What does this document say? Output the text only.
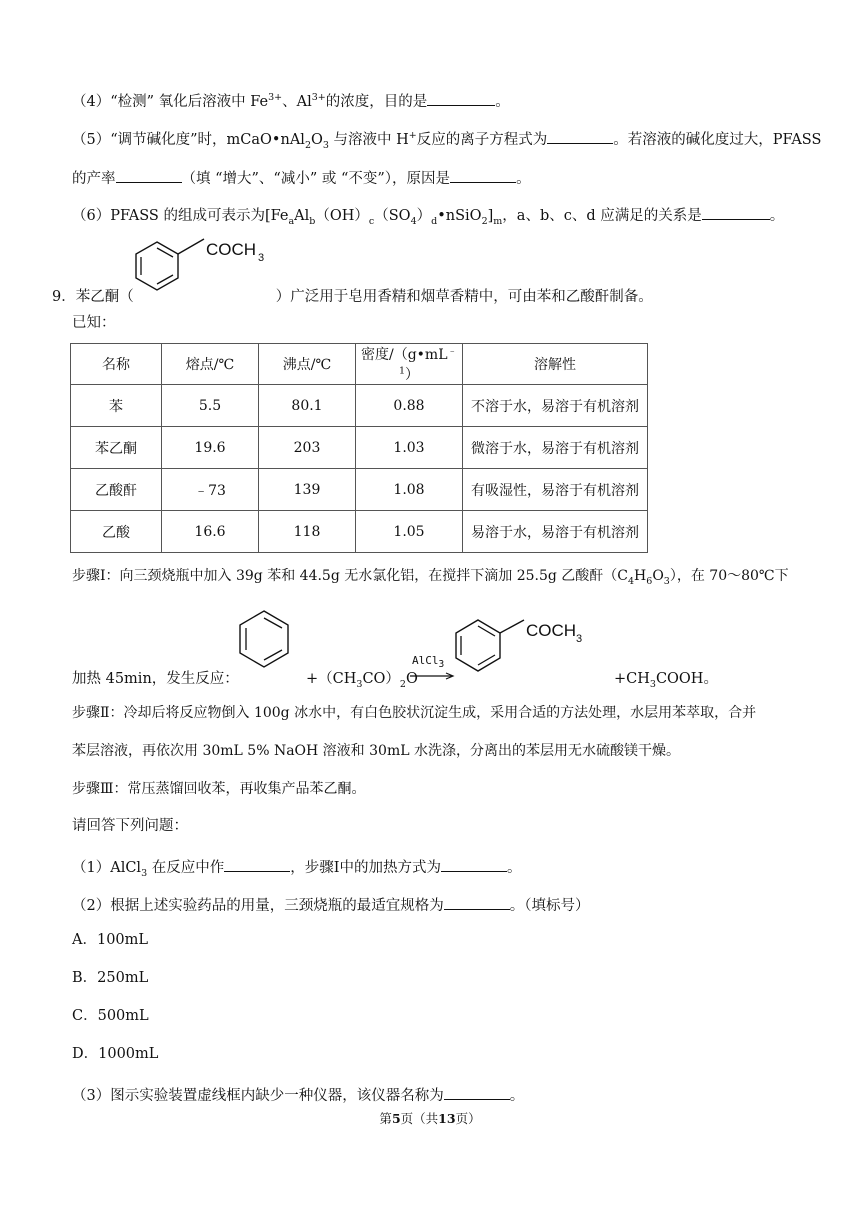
（4）“检测” 氧化后溶液中 $Fe^{3+}$、$Al^{3+}$的浓度，目的是	。
（5）“调节碱化度”时，$mCaO•nAl_2O_3$ 与溶液中 H+反应的离子方程式为	。若溶液的碱化度过大，PFASS
的产率	（填 “增大”、“减小” 或 “不变”），原因是	。
（6）PFASS 的组成可表示为$[Fe_aAl_b(OH)_c(SO_4)_d•nSiO_2]_m$，a、b、c、d 应满足的关系是	。
COCH 3
9．苯乙酮（	）广泛用于皂用香精和烟草香精中，可由苯和乙酸酐制备。
已知：
名称	熔点/℃	沸点/℃	密度$/(g•mL^{﹣1})$	溶解性
苯	5.5	80.1	0.88	不溶于水，易溶于有机溶剂
苯乙酮	19.6	203	1.03	微溶于水，易溶于有机溶剂
乙酸酐	﹣73	139	1.08	有吸湿性，易溶于有机溶剂
乙酸	16.6	118	1.05	易溶于水，易溶于有机溶剂
步骤Ⅰ：向三颈烧瓶中加入 39g 苯和 44.5g 无水氯化铝，在搅拌下滴加 25.5g 乙酸酐$(C_4H_6O_3)$，在 70～80℃下
COCH 3
加热 45min，发生反应：	$+(CH_3CO)_2O$
AlCl$_3$
$+CH_3COOH$。
步骤Ⅱ：冷却后将反应物倒入 100g 冰水中，有白色胶状沉淀生成，采用合适的方法处理，水层用苯萃取，合并
苯层溶液，再依次用 30mL 5% NaOH 溶液和 30mL 水洗涤，分离出的苯层用无水硫酸镁干燥。
步骤Ⅲ：常压蒸馏回收苯，再收集产品苯乙酮。
请回答下列问题：
（1）AlCl$_3$ 在反应中作	，步骤Ⅰ中的加热方式为	。
（2）根据上述实验药品的用量，三颈烧瓶的最适宜规格为	。（填标号）
A．100mL
B．250mL
C．500mL
D．1000mL
（3）图示实验装置虚线框内缺少一种仪器，该仪器名称为	。
第5页（共13页）
